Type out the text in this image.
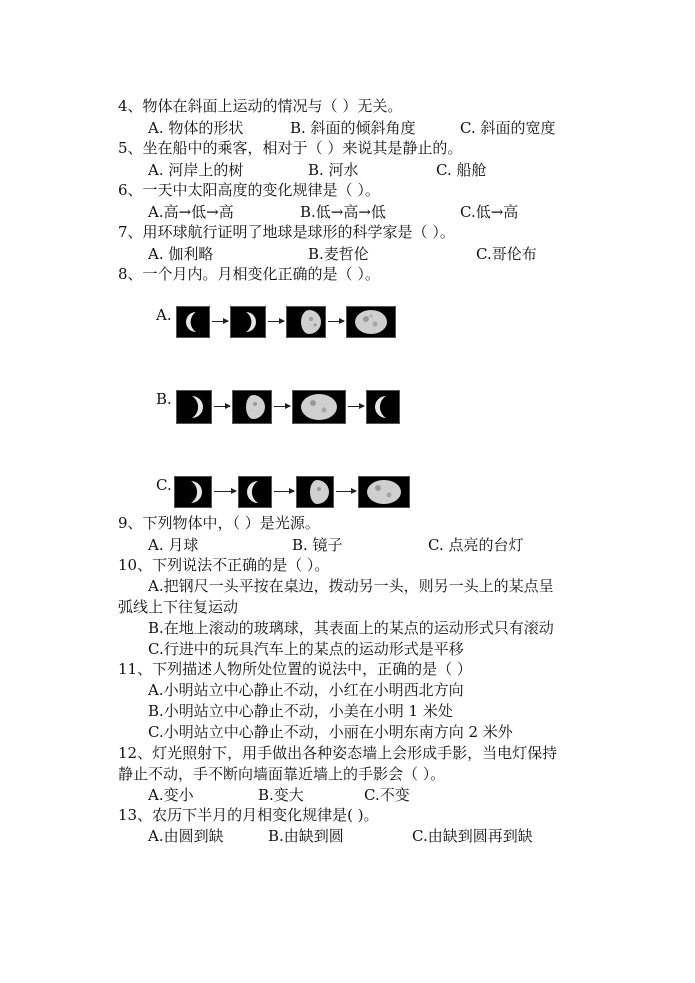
4、物体在斜面上运动的情况与（ ）无关。
A. 物体的形状	B. 斜面的倾斜角度	C. 斜面的宽度
5、坐在船中的乘客，相对于（ ）来说其是静止的。
A. 河岸上的树	B. 河水	C. 船舱
6、一天中太阳高度的变化规律是（ ）。
A.高→低→高	B.低→高→低	C.低→高
7、用环球航行证明了地球是球形的科学家是（ ）。
A. 伽利略	B.麦哲伦	C.哥伦布
8、一个月内。月相变化正确的是（ ）。
A.
B.
C.
9、下列物体中，（ ）是光源。
A. 月球	B. 镜子	C. 点亮的台灯
10、下列说法不正确的是（ ）。
A.把钢尺一头平按在桌边，拨动另一头，则另一头上的某点呈
弧线上下往复运动
B.在地上滚动的玻璃球，其表面上的某点的运动形式只有滚动
C.行进中的玩具汽车上的某点的运动形式是平移
11、下列描述人物所处位置的说法中，正确的是（ ）
A.小明站立中心静止不动，小红在小明西北方向
B.小明站立中心静止不动，小美在小明 1 米处
C.小明站立中心静止不动，小丽在小明东南方向 2 米外
12、灯光照射下，用手做出各种姿态墙上会形成手影，当电灯保持
静止不动，手不断向墙面靠近墙上的手影会（ ）。
A.变小	B.变大	C.不变
13、农历下半月的月相变化规律是( )。
A.由圆到缺	B.由缺到圆	C.由缺到圆再到缺
